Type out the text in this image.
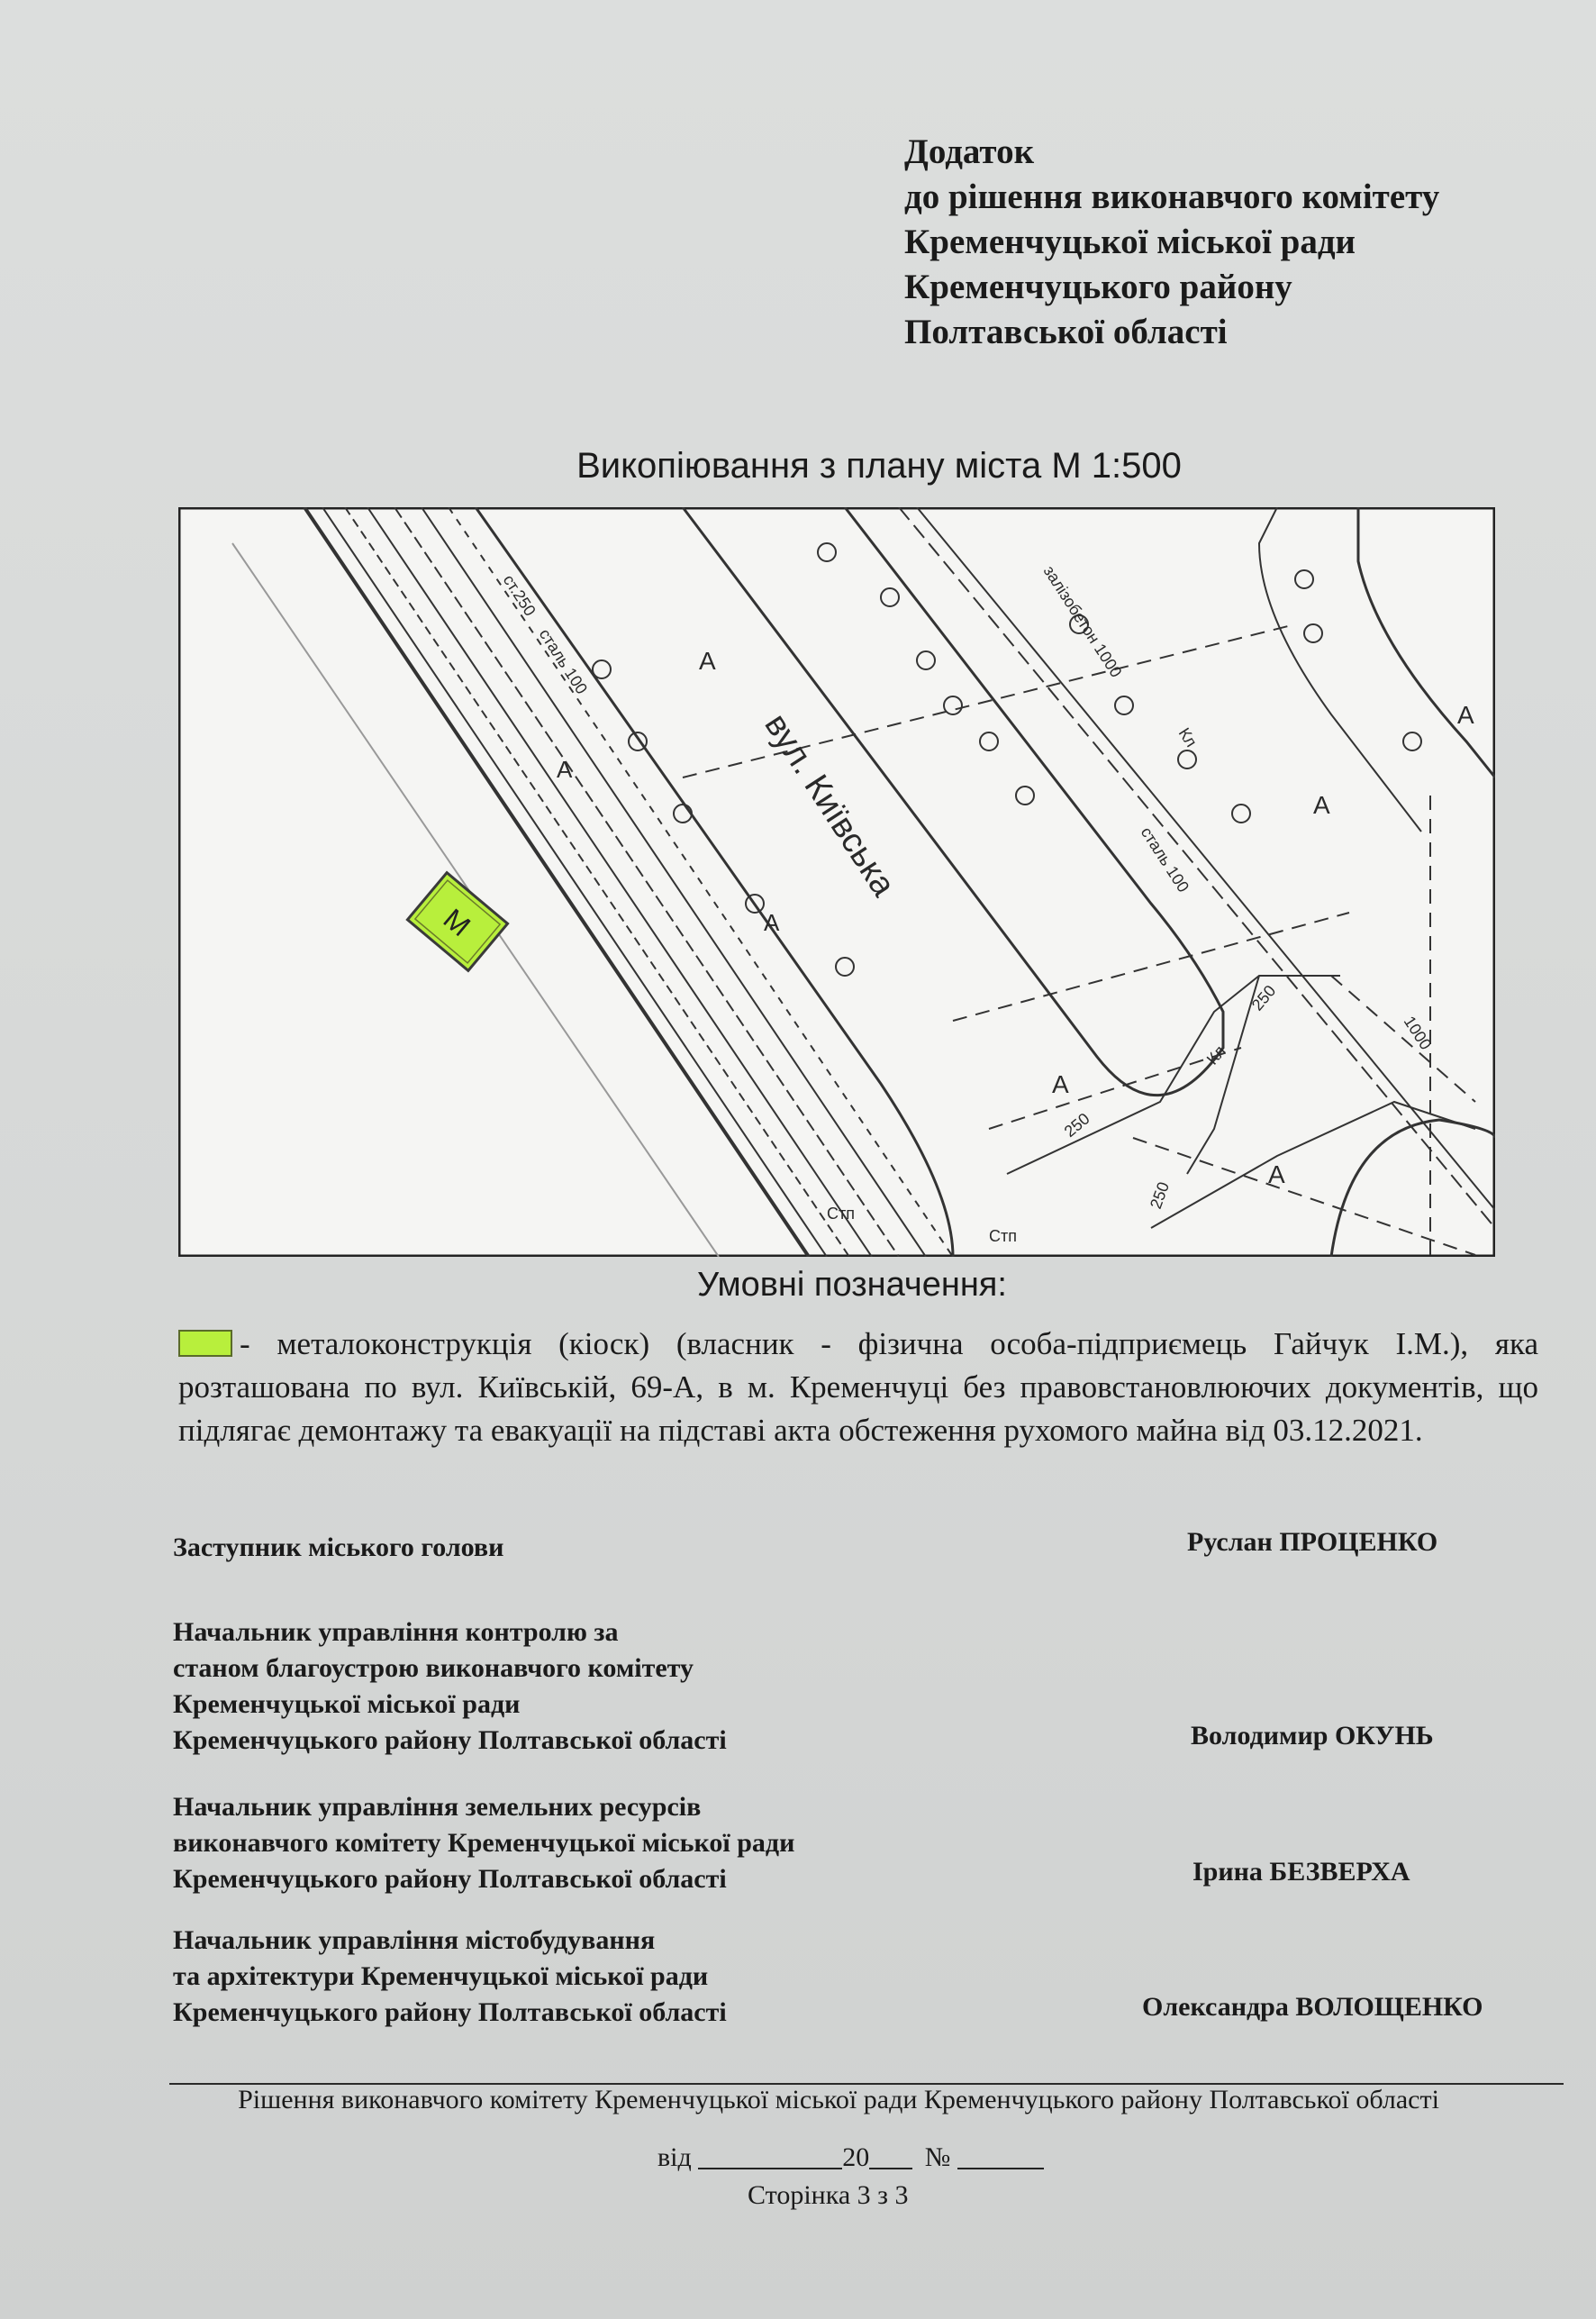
Додаток
до рішення виконавчого комітету
Кременчуцької міської ради
Кременчуцького району
Полтавської області
Викопіювання з плану міста М 1:500
М
вул. Київська
А
А
А
А
А
А
А
ст.250
сталь 100
сталь 100
залізобетон 1000
Кл
250
1000
Кл
250
250
Стп
Стп
Умовні позначення:
- металоконструкція (кіоск) (власник - фізична особа-підприємець Гайчук І.М.), яка розташована по вул. Київській, 69-А, в м. Кременчуці без правовстановлюючих документів, що підлягає демонтажу та евакуації на підставі акта обстеження рухомого майна від 03.12.2021.
Заступник міського голови	Руслан ПРОЦЕНКО
Начальник управління контролю за
станом благоустрою виконавчого комітету
Кременчуцької міської ради
Кременчуцького району Полтавської області	Володимир ОКУНЬ
Начальник управління земельних ресурсів
виконавчого комітету Кременчуцької міської ради
Кременчуцького району Полтавської області	Ірина БЕЗВЕРХА
Начальник управління містобудування
та архітектури Кременчуцької міської ради
Кременчуцького району Полтавської області	Олександра ВОЛОЩЕНКО
Рішення виконавчого комітету Кременчуцької міської ради Кременчуцького району Полтавської області
від	20 №
Сторінка 3 з 3
